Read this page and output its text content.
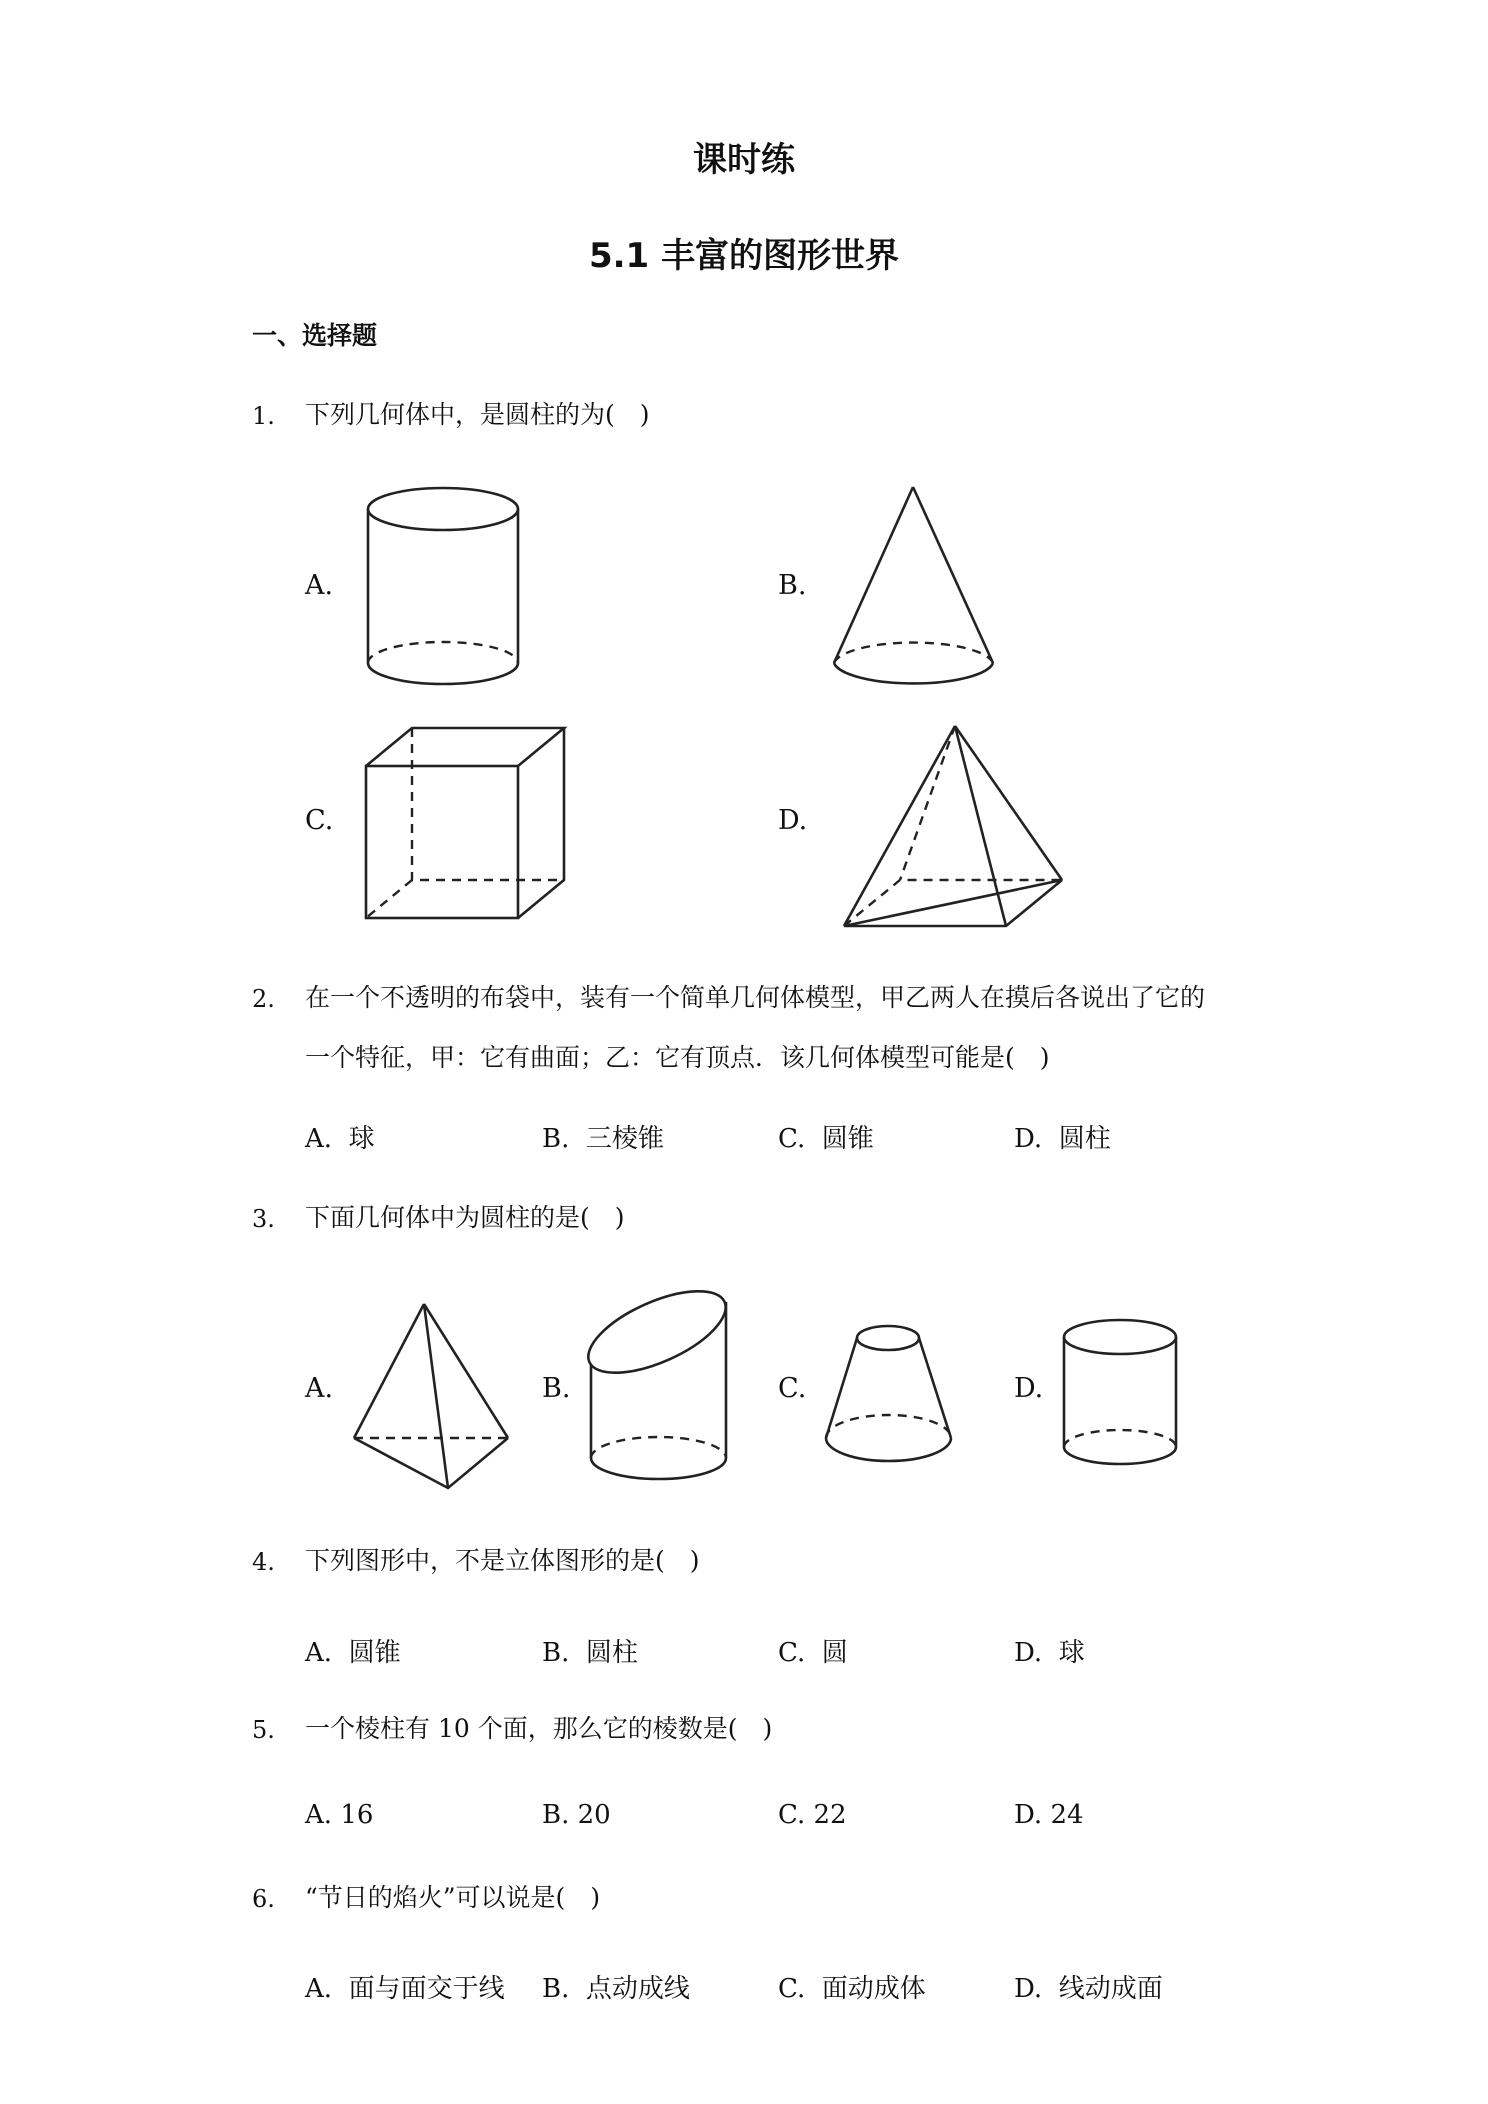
课时练
5.1 丰富的图形世界
一、选择题
1. 下列几何体中，是圆柱的为(　)
A.	B.
C.	D.
2. 在一个不透明的布袋中，装有一个简单几何体模型，甲乙两人在摸后各说出了它的
一个特征，甲：它有曲面；乙：它有顶点．该几何体模型可能是(　)
A. 球	B. 三棱锥	C. 圆锥	D. 圆柱
3. 下面几何体中为圆柱的是(　)
A.	B.	C.	D.
4. 下列图形中，不是立体图形的是(　)
A. 圆锥	B. 圆柱	C. 圆	D. 球
5. 一个棱柱有 10 个面，那么它的棱数是(　)
A. 16	B. 20	C. 22	D. 24
6. “节日的焰火”可以说是(　)
A. 面与面交于线 B. 点动成线	C. 面动成体	D. 线动成面
